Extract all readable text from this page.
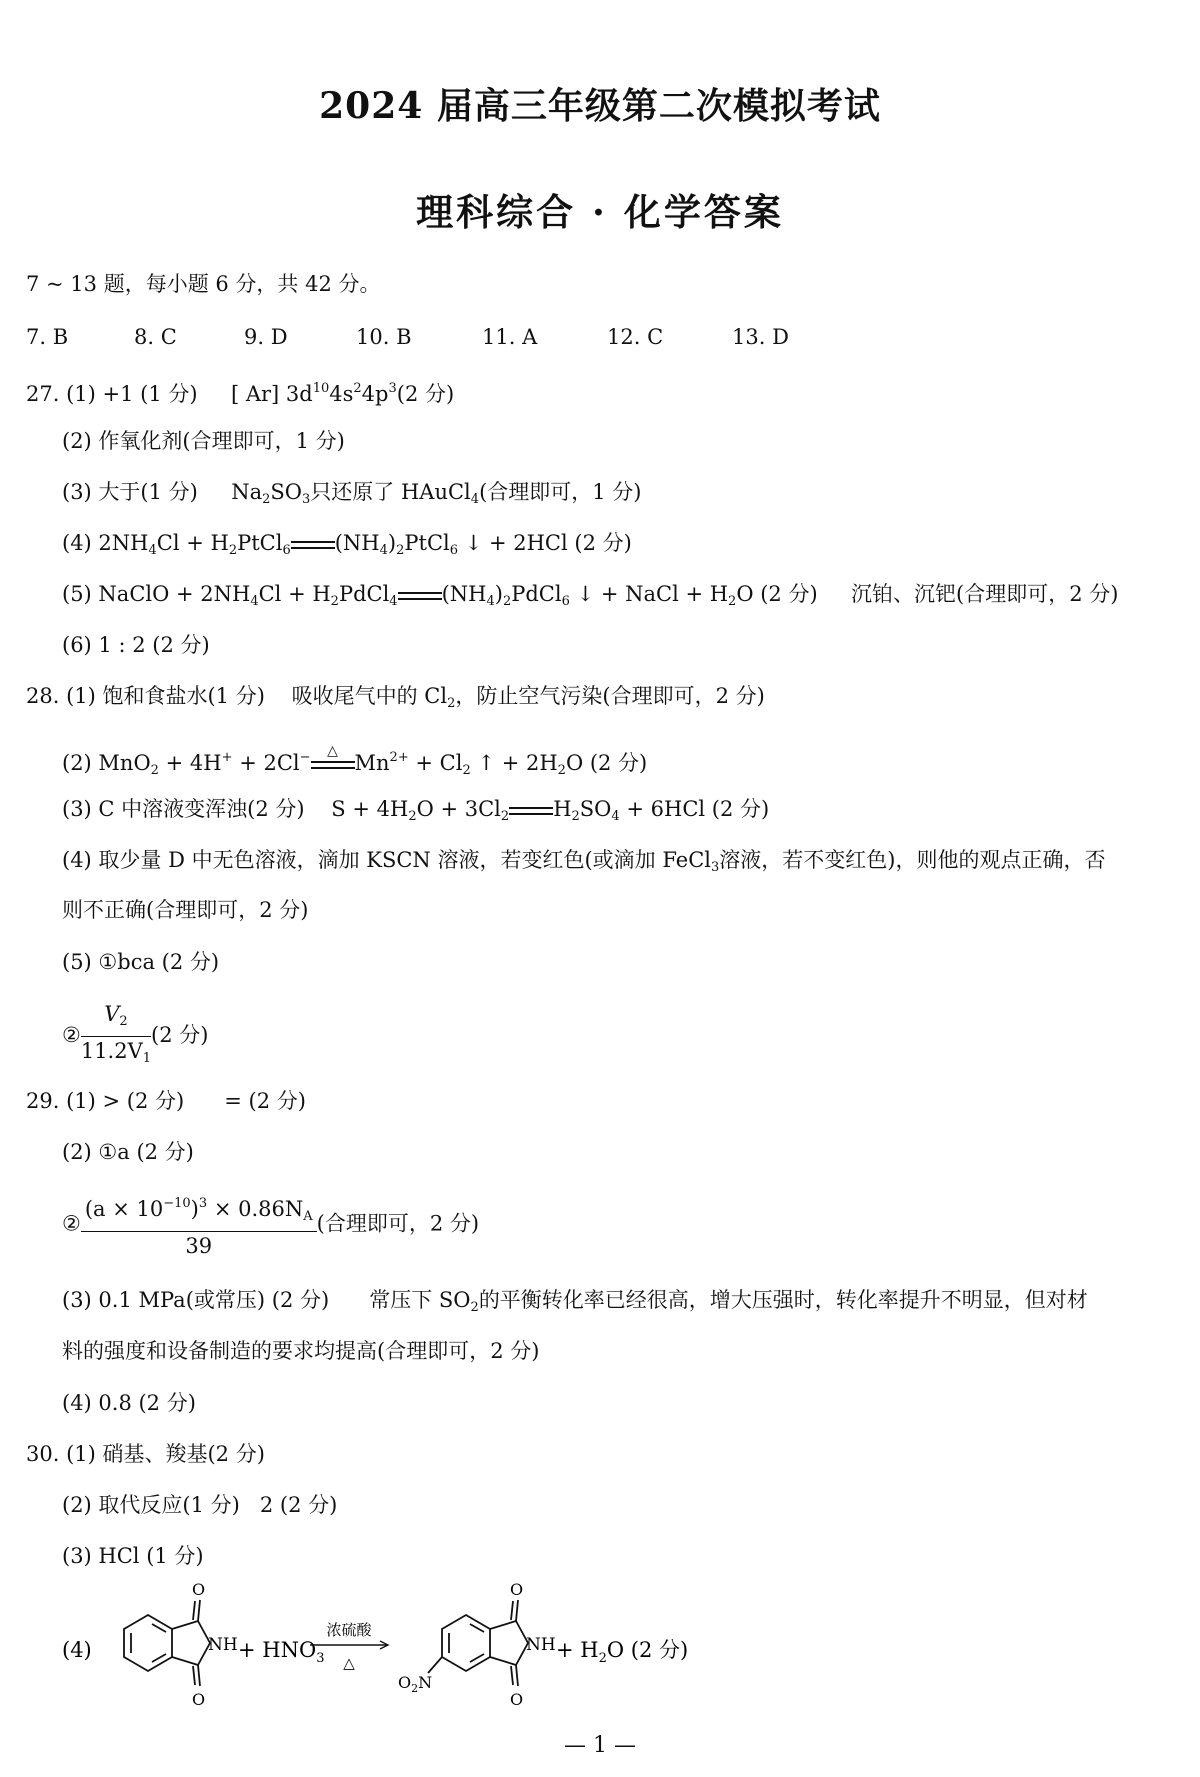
2024 届高三年级第二次模拟考试
理科综合 · 化学答案
7 ~ 13 题，每小题 6 分，共 42 分。
7. B	8. C	9. D	10. B	11. A	12. C	13. D
27. (1) +1 (1 分) [ Ar] $3d^{10}4s^24p^3(2$ 分)
(2) 作氧化剂(合理即可，1 分)
(3) 大于(1 分) $Na_2SO_3$只还原了 HAuCl$_4$(合理即可，1 分)
(4) $2NH_4Cl$ + $H_2PtCl_6$ $(NH_4)_2PtCl_6$ ↓ + 2HCl (2 分)
(5) NaClO + $2NH_4Cl$ + $H_2PdCl_4$ $(NH_4)_2PdCl_6$ ↓ + NaCl + $H_2O$ (2 分) 沉铂、沉钯(合理即可，2 分)
(6) 1 : 2 (2 分)
28. (1) 饱和食盐水(1 分) 吸收尾气中的 $Cl_2$，防止空气污染(合理即可，2 分)
(2) MnO$_2$ + 4H+ + 2Cl−	△
$Mn^{2+} + Cl_2$ ↑ + $2H_2O$ (2 分)
(3) C 中溶液变浑浊(2 分) $S + 4H_2O + 3Cl_2$ $H_2SO_4 + 6HCl$ (2 分)
(4) 取少量 D 中无色溶液，滴加 KSCN 溶液，若变红色(或滴加 FeCl$_3$溶液，若不变红色)，则他的观点正确，否
则不正确(合理即可，2 分)
(5) ①bca (2 分)
② $\frac{V_2}{11.2V_1} (2$ 分)
29. (1) > (2 分) = (2 分)
(2) ①a (2 分)
② $\frac{(a \times 10^{-10})^3 \times 0.86N_A}{39}$ (合理即可，2 分)
(3) 0.1 MPa(或常压) (2 分) 常压下 $SO_2$的平衡转化率已经很高，增大压强时，转化率提升不明显，但对材
料的强度和设备制造的要求均提高(合理即可，2 分)
(4) 0.8 (2 分)
30. (1) 硝基、羧基(2 分)
(2) 取代反应(1 分) 2 (2 分)
(3) HCl (1 分)
(4)
O
O
NH + $HNO_3$
浓硫酸
△
O
O
NH
$O_2N$
+ $H_2O$ (2 分)
— 1 —
